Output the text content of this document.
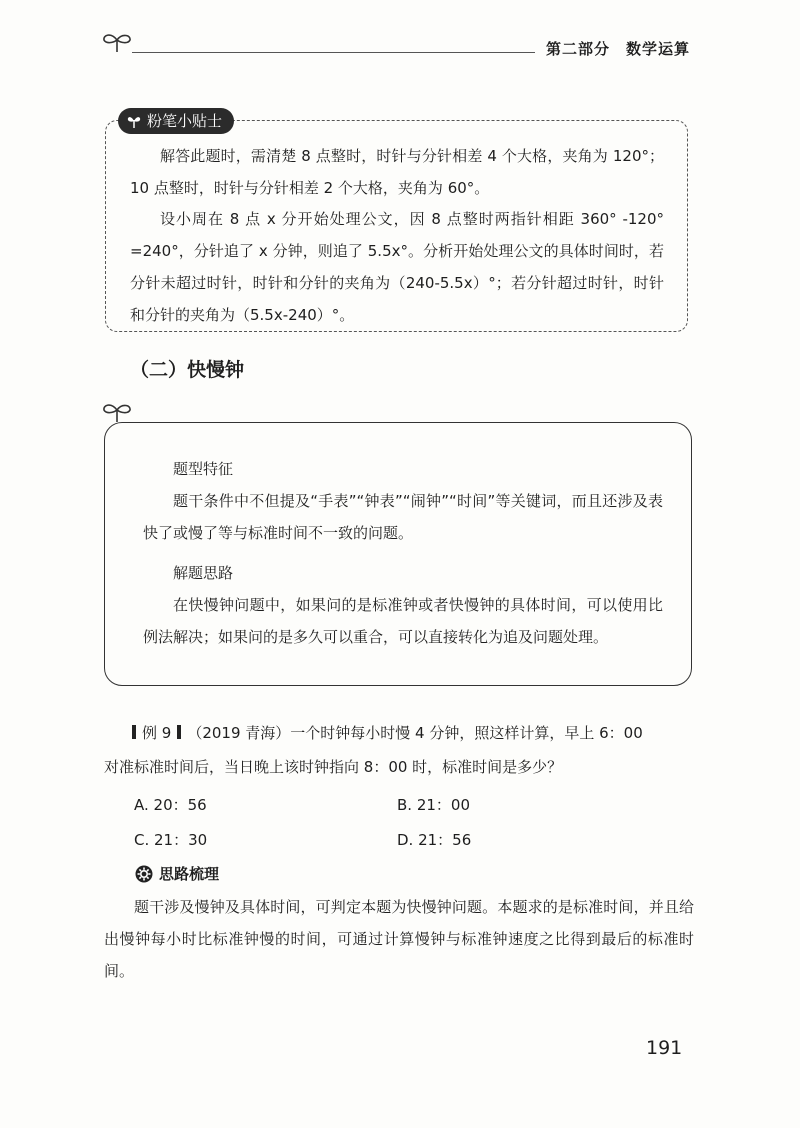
第二部分　数学运算
粉笔小贴士
解答此题时，需清楚 8 点整时，时针与分针相差 4 个大格，夹角为 120°；10 点整时，时针与分针相差 2 个大格，夹角为 60°。
设小周在 8 点 x 分开始处理公文，因 8 点整时两指针相距 360° -120° =240°，分针追了 x 分钟，则追了 5.5x°。分析开始处理公文的具体时间时，若分针未超过时针，时针和分针的夹角为（240-5.5x）°；若分针超过时针，时针和分针的夹角为（5.5x-240）°。
（二）快慢钟
题型特征
题干条件中不但提及“手表”“钟表”“闹钟”“时间”等关键词，而且还涉及表快了或慢了等与标准时间不一致的问题。
解题思路
在快慢钟问题中，如果问的是标准钟或者快慢钟的具体时间，可以使用比例法解决；如果问的是多久可以重合，可以直接转化为追及问题处理。
例 9 （2019 青海）一个时钟每小时慢 4 分钟，照这样计算，早上 6：00
对准标准时间后，当日晚上该时钟指向 8：00 时，标准时间是多少？
A. 20：56	B. 21：00
C. 21：30	D. 21：56
思路梳理
题干涉及慢钟及具体时间，可判定本题为快慢钟问题。本题求的是标准时间，并且给出慢钟每小时比标准钟慢的时间，可通过计算慢钟与标准钟速度之比得到最后的标准时间。
191
